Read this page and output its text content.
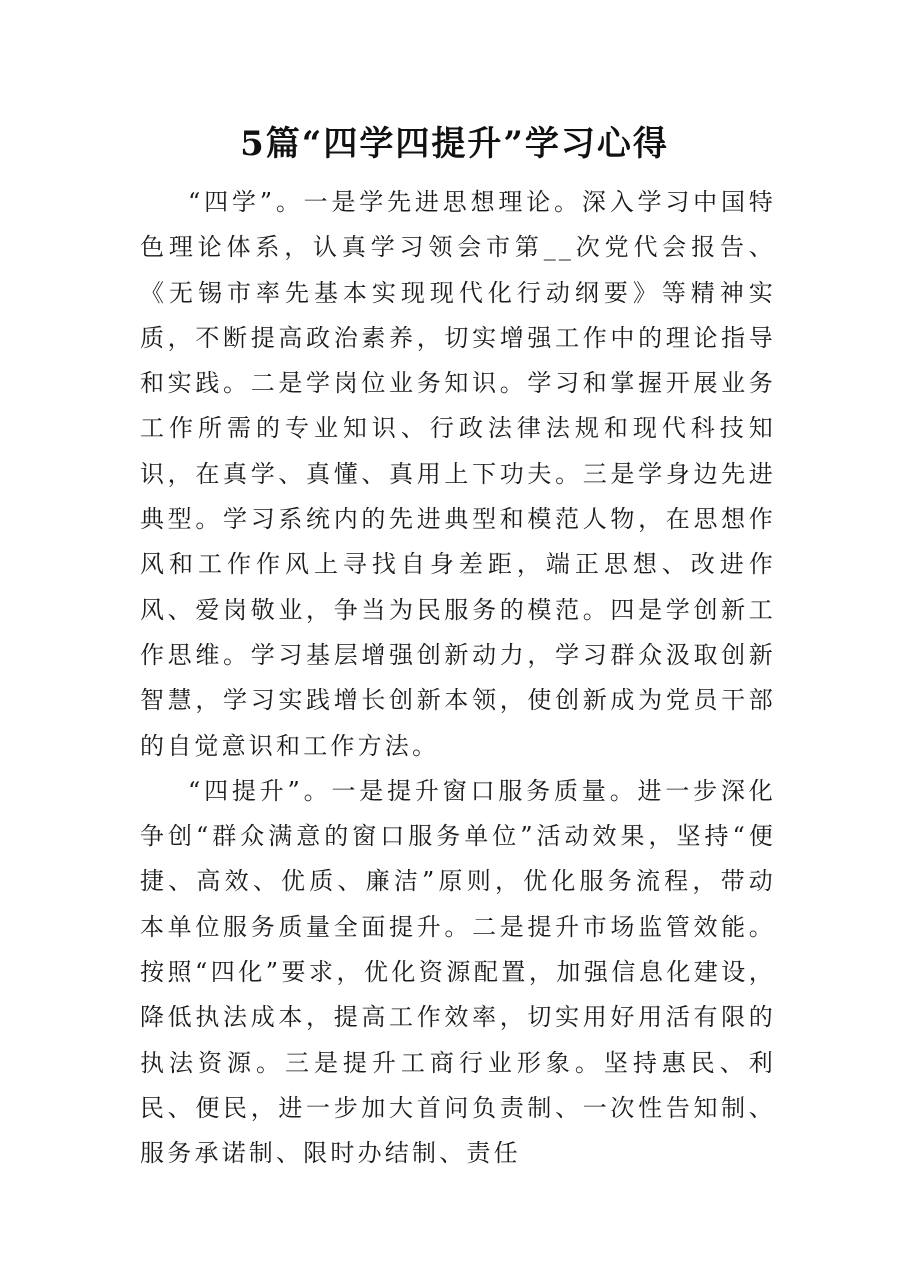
5篇“四学四提升”学习心得

“四学”。一是学先进思想理论。深入学习中国特色理论体系，认真学习领会市第__次党代会报告、《无锡市率先基本实现现代化行动纲要》等精神实质，不断提高政治素养，切实增强工作中的理论指导和实践。二是学岗位业务知识。学习和掌握开展业务工作所需的专业知识、行政法律法规和现代科技知识，在真学、真懂、真用上下功夫。三是学身边先进典型。学习系统内的先进典型和模范人物，在思想作风和工作作风上寻找自身差距，端正思想、改进作风、爱岗敬业，争当为民服务的模范。四是学创新工作思维。学习基层增强创新动力，学习群众汲取创新智慧，学习实践增长创新本领，使创新成为党员干部的自觉意识和工作方法。

“四提升”。一是提升窗口服务质量。进一步深化争创“群众满意的窗口服务单位”活动效果，坚持“便捷、高效、优质、廉洁”原则，优化服务流程，带动本单位服务质量全面提升。二是提升市场监管效能。按照“四化”要求，优化资源配置，加强信息化建设，降低执法成本，提高工作效率，切实用好用活有限的执法资源。三是提升工商行业形象。坚持惠民、利民、便民，进一步加大首问负责制、一次性告知制、服务承诺制、限时办结制、责任
